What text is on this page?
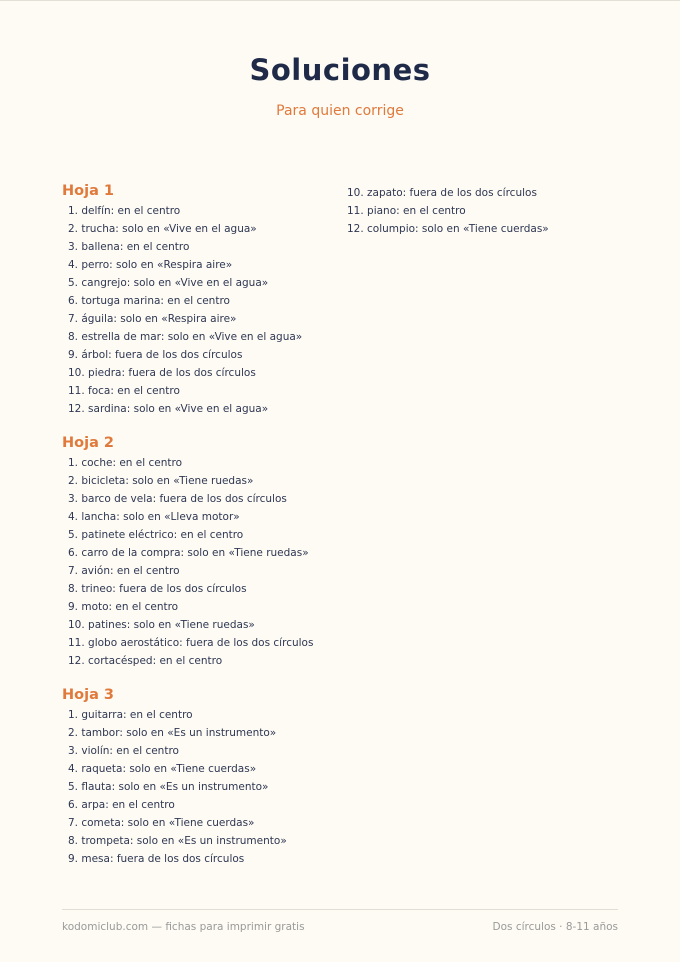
Soluciones
Para quien corrige
Hoja 1
1. delfín: en el centro
2. trucha: solo en «Vive en el agua»
3. ballena: en el centro
4. perro: solo en «Respira aire»
5. cangrejo: solo en «Vive en el agua»
6. tortuga marina: en el centro
7. águila: solo en «Respira aire»
8. estrella de mar: solo en «Vive en el agua»
9. árbol: fuera de los dos círculos
10. piedra: fuera de los dos círculos
11. foca: en el centro
12. sardina: solo en «Vive en el agua»
Hoja 2
1. coche: en el centro
2. bicicleta: solo en «Tiene ruedas»
3. barco de vela: fuera de los dos círculos
4. lancha: solo en «Lleva motor»
5. patinete eléctrico: en el centro
6. carro de la compra: solo en «Tiene ruedas»
7. avión: en el centro
8. trineo: fuera de los dos círculos
9. moto: en el centro
10. patines: solo en «Tiene ruedas»
11. globo aerostático: fuera de los dos círculos
12. cortacésped: en el centro
Hoja 3
1. guitarra: en el centro
2. tambor: solo en «Es un instrumento»
3. violín: en el centro
4. raqueta: solo en «Tiene cuerdas»
5. flauta: solo en «Es un instrumento»
6. arpa: en el centro
7. cometa: solo en «Tiene cuerdas»
8. trompeta: solo en «Es un instrumento»
9. mesa: fuera de los dos círculos
10. zapato: fuera de los dos círculos
11. piano: en el centro
12. columpio: solo en «Tiene cuerdas»
kodomiclub.com — fichas para imprimir gratis	Dos círculos · 8-11 años
